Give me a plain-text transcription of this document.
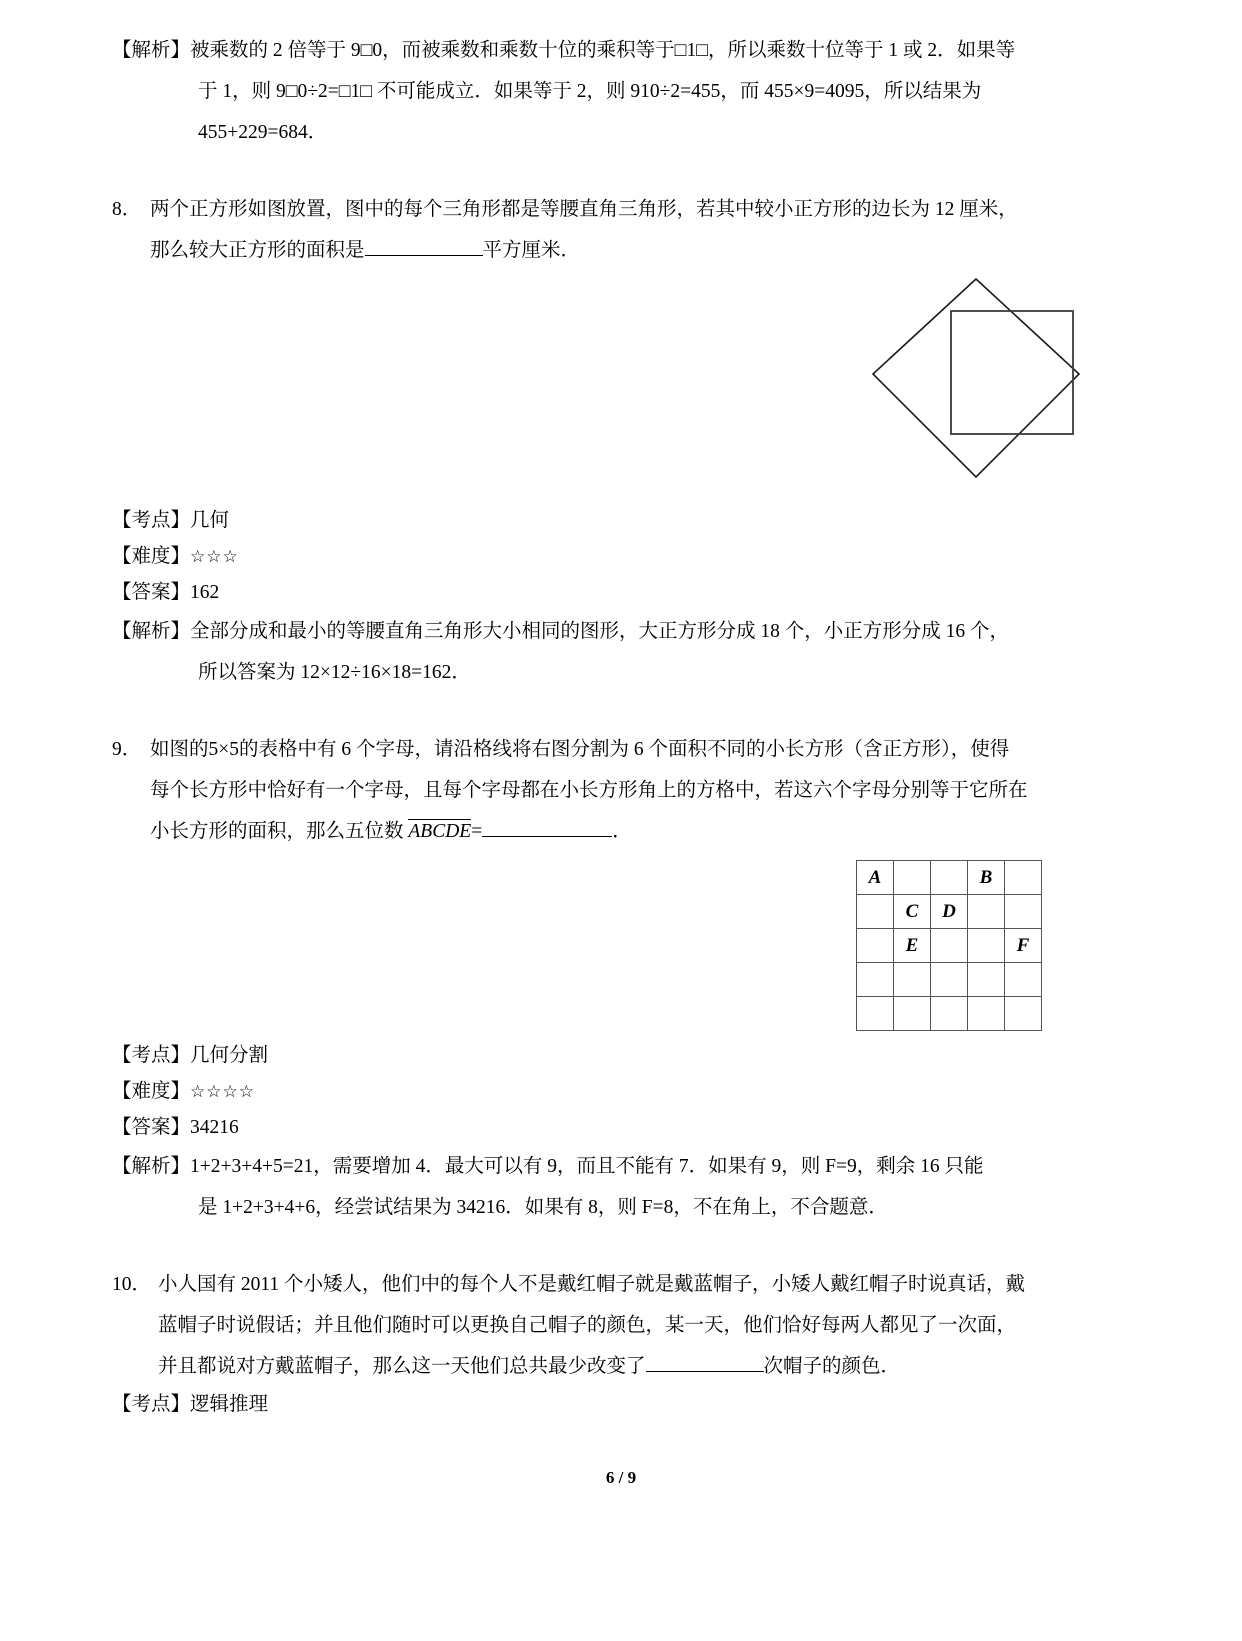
【解析】 被乘数的 2 倍等于 9□0，而被乘数和乘数十位的乘积等于□1□，所以乘数十位等于 1 或 2．如果等
于 1，则 9□0÷2=□1□ 不可能成立．如果等于 2，则 910÷2=455，而 455×9=4095，所以结果为
455+229=684．
8． 两个正方形如图放置，图中的每个三角形都是等腰直角三角形，若其中较小正方形的边长为 12 厘米，
那么较大正方形的面积是	平方厘米．
【考点】几何
【难度】☆☆☆
【答案】162
【解析】 全部分成和最小的等腰直角三角形大小相同的图形，大正方形分成 18 个，小正方形分成 16 个，
所以答案为 12×12÷16×18=162．
9． 如图的5×5的表格中有 6 个字母，请沿格线将右图分割为 6 个面积不同的小长方形（含正方形），使得
每个长方形中恰好有一个字母，且每个字母都在小长方形角上的方格中，若这六个字母分别等于它所在
小长方形的面积，那么五位数 ABCDE=	．
A			B	
	C	D		
	E			F

【考点】几何分割
【难度】☆☆☆☆
【答案】34216
【解析】 1+2+3+4+5=21，需要增加 4．最大可以有 9，而且不能有 7．如果有 9，则 F=9，剩余 16 只能
是 1+2+3+4+6，经尝试结果为 34216．如果有 8，则 F=8，不在角上，不合题意．
10． 小人国有 2011 个小矮人，他们中的每个人不是戴红帽子就是戴蓝帽子，小矮人戴红帽子时说真话，戴
蓝帽子时说假话；并且他们随时可以更换自己帽子的颜色，某一天，他们恰好每两人都见了一次面，
并且都说对方戴蓝帽子，那么这一天他们总共最少改变了	次帽子的颜色．
【考点】逻辑推理
6 / 9
